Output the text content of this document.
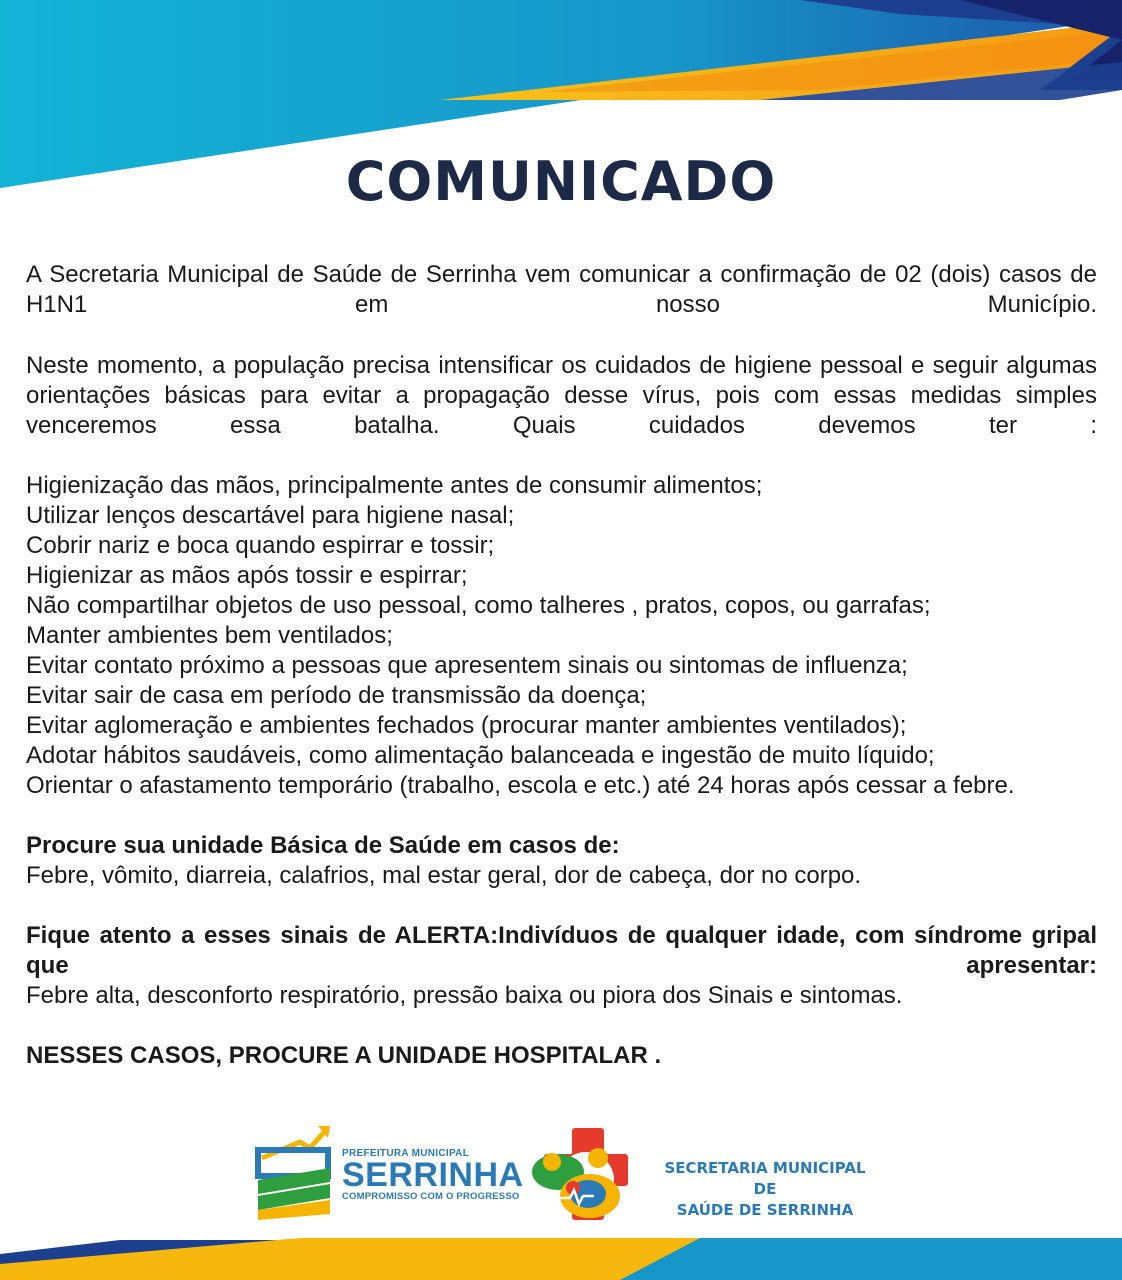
COMUNICADO

A Secretaria Municipal de Saúde de Serrinha vem comunicar a confirmação de 02 (dois) casos de H1N1 em nosso Município.

Neste momento, a população precisa intensificar os cuidados de higiene pessoal e seguir algumas orientações básicas para evitar a propagação desse vírus, pois com essas medidas simples venceremos essa batalha. Quais cuidados devemos ter :

Higienização das mãos, principalmente antes de consumir alimentos;
Utilizar lenços descartável para higiene nasal;
Cobrir nariz e boca quando espirrar e tossir;
Higienizar as mãos após tossir e espirrar;
Não compartilhar objetos de uso pessoal, como talheres , pratos, copos, ou garrafas;
Manter ambientes bem ventilados;
Evitar contato próximo a pessoas que apresentem sinais ou sintomas de influenza;
Evitar sair de casa em período de transmissão da doença;
Evitar aglomeração e ambientes fechados (procurar manter ambientes ventilados);
Adotar hábitos saudáveis, como alimentação balanceada e ingestão de muito líquido;
Orientar o afastamento temporário (trabalho, escola e etc.) até 24 horas após cessar a febre.
Procure sua unidade Básica de Saúde em casos de:
Febre, vômito, diarreia, calafrios, mal estar geral, dor de cabeça, dor no corpo.

Fique atento a esses sinais de ALERTA:Indivíduos de qualquer idade, com síndrome gripal que apresentar:

Febre alta, desconforto respiratório, pressão baixa ou piora dos Sinais e sintomas.
NESSES CASOS, PROCURE A UNIDADE HOSPITALAR .
PREFEITURA MUNICIPAL
SERRINHA
COMPROMISSO COM O PROGRESSO
SECRETARIA MUNICIPAL DE
SAÚDE DE SERRINHA
